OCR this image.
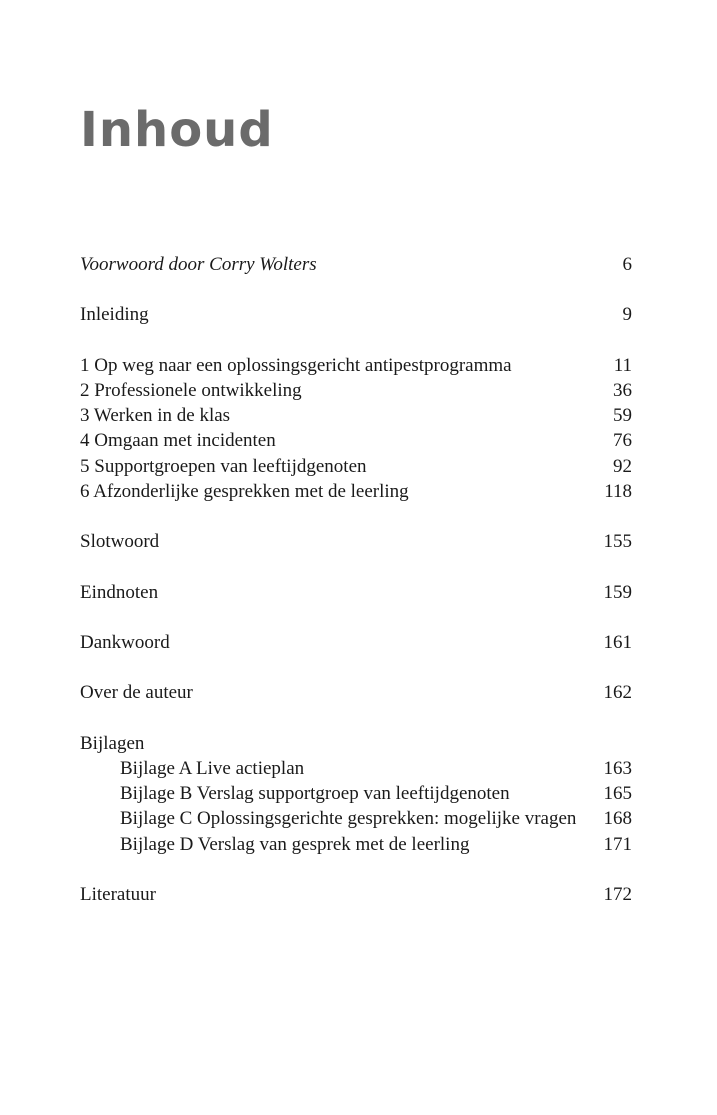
Inhoud
Voorwoord door Corry Wolters	6
Inleiding	9
1 Op weg naar een oplossingsgericht antipestprogramma	11
2 Professionele ontwikkeling	36
3 Werken in de klas	59
4 Omgaan met incidenten	76
5 Supportgroepen van leeftijdgenoten	92
6 Afzonderlijke gesprekken met de leerling	118
Slotwoord	155
Eindnoten	159
Dankwoord	161
Over de auteur	162
Bijlagen
Bijlage A Live actieplan	163
Bijlage B Verslag supportgroep van leeftijdgenoten	165
Bijlage C Oplossingsgerichte gesprekken: mogelijke vragen	168
Bijlage D Verslag van gesprek met de leerling	171
Literatuur	172
